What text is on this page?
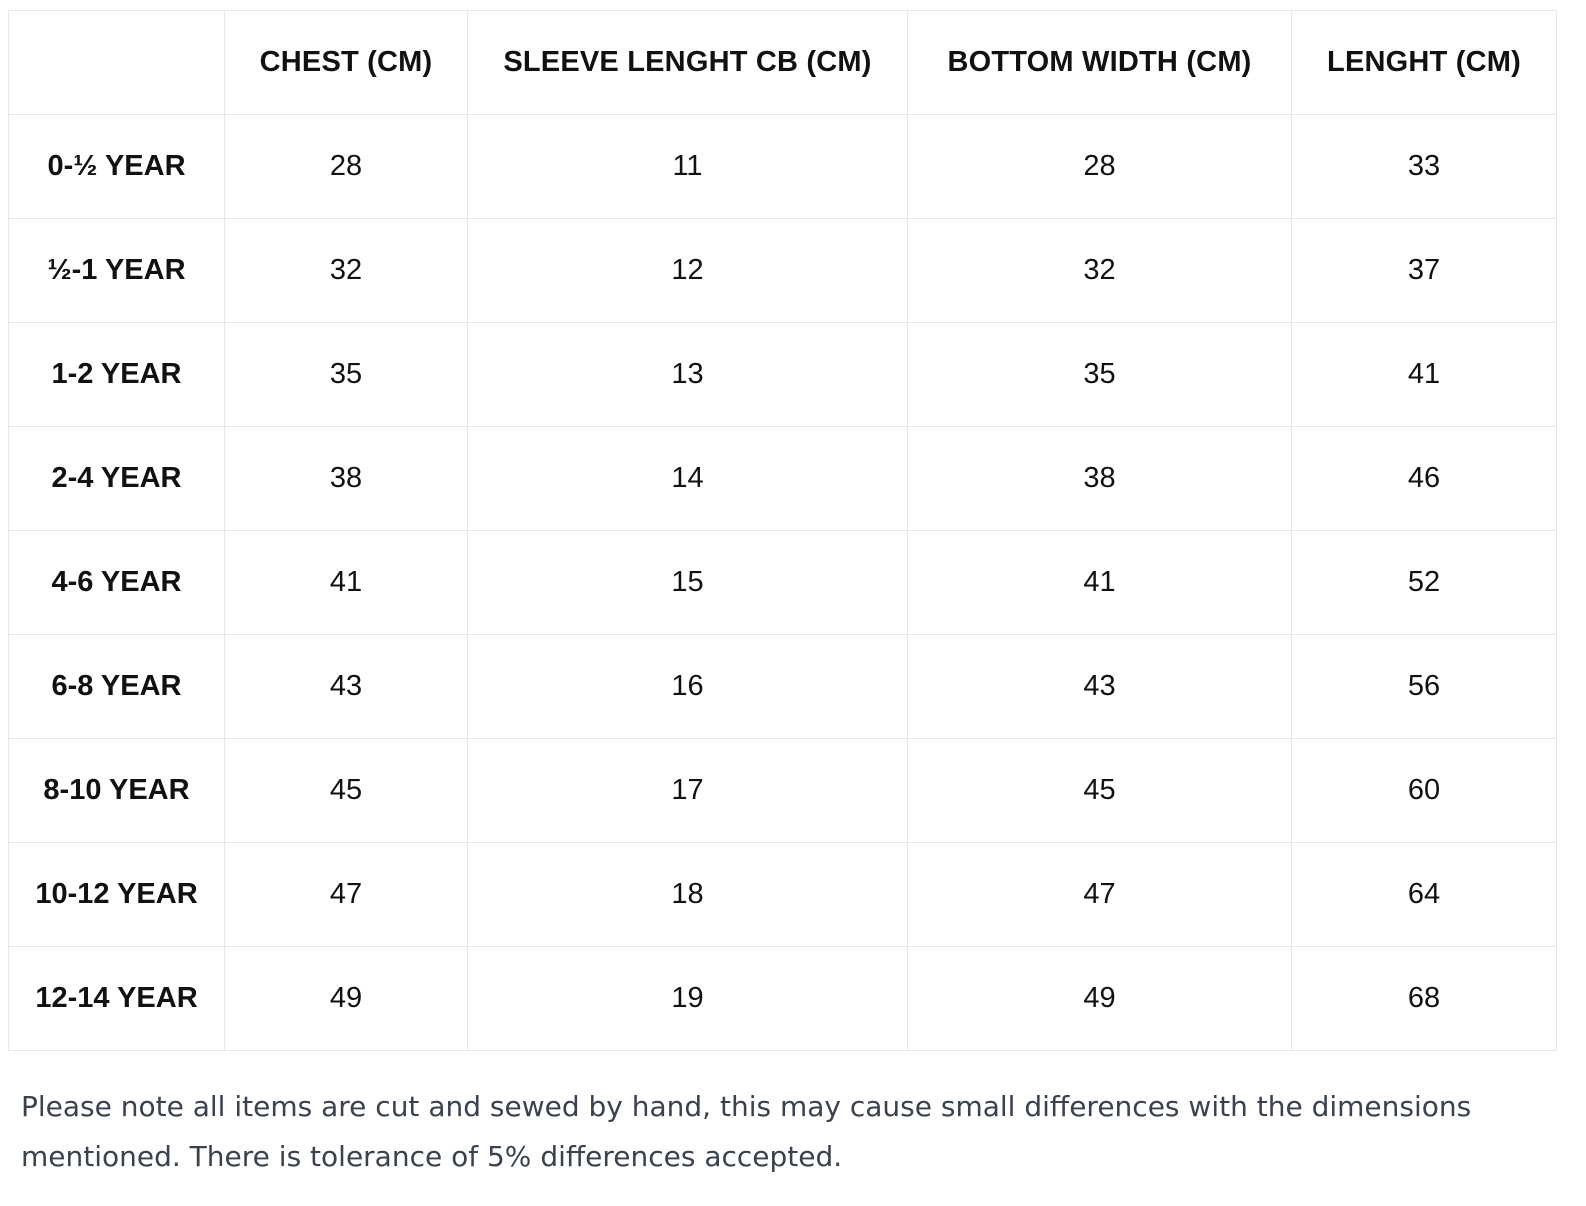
	CHEST (CM)	SLEEVE LENGHT CB (CM)	BOTTOM WIDTH (CM)	LENGHT (CM)
0-½ YEAR	28	11	28	33
½-1 YEAR	32	12	32	37
1-2 YEAR	35	13	35	41
2-4 YEAR	38	14	38	46
4-6 YEAR	41	15	41	52
6-8 YEAR	43	16	43	56
8-10 YEAR	45	17	45	60
10-12 YEAR	47	18	47	64
12-14 YEAR	49	19	49	68

Please note all items are cut and sewed by hand, this may cause small differences with the dimensions mentioned. There is tolerance of 5% differences accepted.
